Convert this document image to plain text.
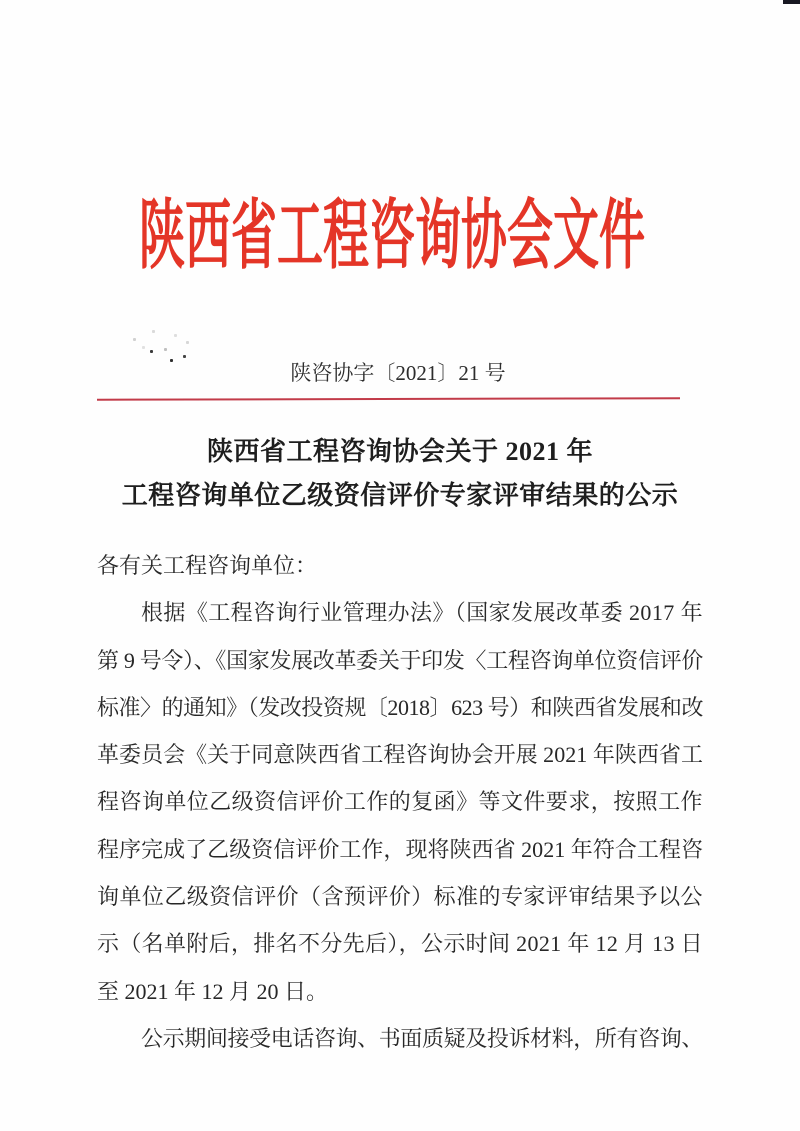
陕西省工程咨询协会文件
陕咨协字〔2021〕21 号
陕西省工程咨询协会关于 2021 年
工程咨询单位乙级资信评价专家评审结果的公示
各有关工程咨询单位：
根据《工程咨询行业管理办法》（国家发展改革委 2017 年
第 9 号令）、《国家发展改革委关于印发〈工程咨询单位资信评价
标准〉的通知》（发改投资规〔2018〕623 号）和陕西省发展和改
革委员会《关于同意陕西省工程咨询协会开展 2021 年陕西省工
程咨询单位乙级资信评价工作的复函》等文件要求，按照工作
程序完成了乙级资信评价工作，现将陕西省 2021 年符合工程咨
询单位乙级资信评价（含预评价）标准的专家评审结果予以公
示（名单附后，排名不分先后），公示时间 2021 年 12 月 13 日
至 2021 年 12 月 20 日。
公示期间接受电话咨询、书面质疑及投诉材料，所有咨询、
